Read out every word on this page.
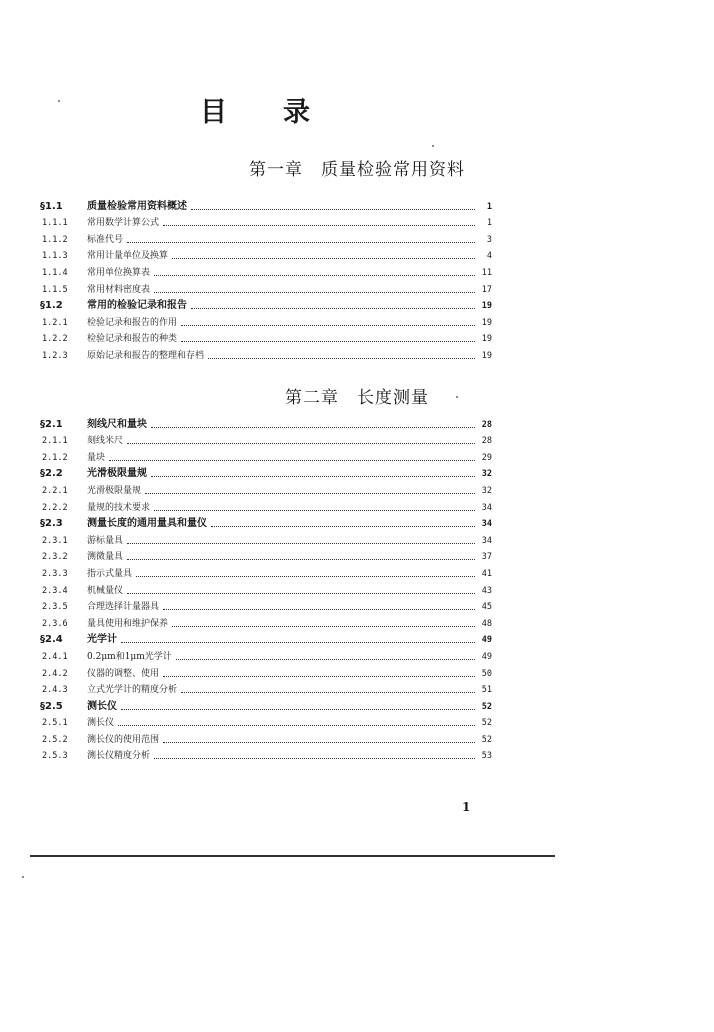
目 录
第一章 质量检验常用资料
§1.1	质量检验常用资料概述	1
1.1.1	常用数学计算公式	1
1.1.2	标准代号	3
1.1.3	常用计量单位及换算	4
1.1.4	常用单位换算表	11
1.1.5	常用材料密度表	17
§1.2	常用的检验记录和报告	19
1.2.1	检验记录和报告的作用	19
1.2.2	检验记录和报告的种类	19
1.2.3	原始记录和报告的整理和存档	19
第二章 长度测量
§2.1	刻线尺和量块	28
2.1.1	刻线米尺	28
2.1.2	量块	29
§2.2	光滑极限量规	32
2.2.1	光滑极限量规	32
2.2.2	量规的技术要求	34
§2.3	测量长度的通用量具和量仪	34
2.3.1	游标量具	34
2.3.2	测微量具	37
2.3.3	指示式量具	41
2.3.4	机械量仪	43
2.3.5	合理选择计量器具	45
2.3.6	量具使用和维护保养	48
§2.4	光学计	49
2.4.1	0.2μm和1μm光学计	49
2.4.2	仪器的调整、使用	50
2.4.3	立式光学计的精度分析	51
§2.5	测长仪	52
2.5.1	测长仪	52
2.5.2	测长仪的使用范围	52
2.5.3	测长仪精度分析	53
1
